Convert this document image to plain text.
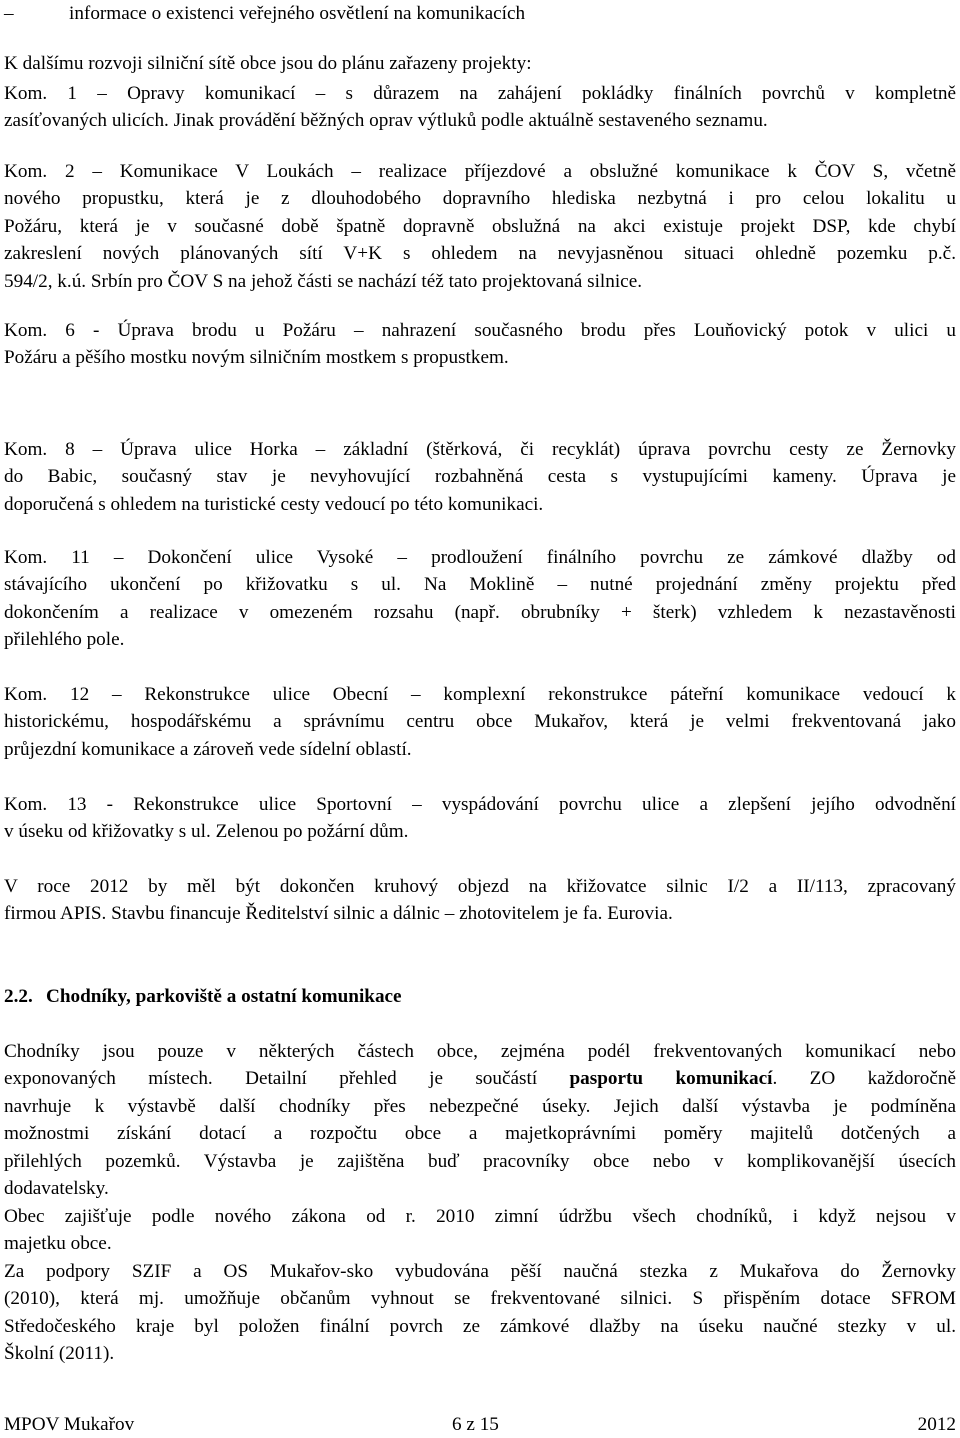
–	informace o existenci veřejného osvětlení na komunikacích
K dalšímu rozvoji silniční sítě obce jsou do plánu zařazeny projekty:
Kom. 1 – Opravy komunikací – s důrazem na zahájení pokládky finálních povrchů v kompletně
zasíťovaných ulicích. Jinak provádění běžných oprav výtluků podle aktuálně sestaveného seznamu.
Kom. 2 – Komunikace V Loukách – realizace příjezdové a obslužné komunikace k ČOV S, včetně
nového propustku, která je z dlouhodobého dopravního hlediska nezbytná i pro celou lokalitu u
Požáru, která je v současné době špatně dopravně obslužná na akci existuje projekt DSP, kde chybí
zakreslení nových plánovaných sítí V+K s ohledem na nevyjasněnou situaci ohledně pozemku p.č.
594/2, k.ú. Srbín pro ČOV S na jehož části se nachází též tato projektovaná silnice.
Kom. 6 - Úprava brodu u Požáru – nahrazení současného brodu přes Louňovický potok v ulici u
Požáru a pěšího mostku novým silničním mostkem s propustkem.
Kom. 8 – Úprava ulice Horka – základní (štěrková, či recyklát) úprava povrchu cesty ze Žernovky
do Babic, současný stav je nevyhovující rozbahněná cesta s vystupujícími kameny. Úprava je
doporučená s ohledem na turistické cesty vedoucí po této komunikaci.
Kom. 11 – Dokončení ulice Vysoké – prodloužení finálního povrchu ze zámkové dlažby od
stávajícího ukončení po křižovatku s ul. Na Moklině – nutné projednání změny projektu před
dokončením a realizace v omezeném rozsahu (např. obrubníky + šterk) vzhledem k nezastavěnosti
přilehlého pole.
Kom. 12 – Rekonstrukce ulice Obecní – komplexní rekonstrukce páteřní komunikace vedoucí k
historickému, hospodářskému a správnímu centru obce Mukařov, která je velmi frekventovaná jako
průjezdní komunikace a zároveň vede sídelní oblastí.
Kom. 13 - Rekonstrukce ulice Sportovní – vyspádování povrchu ulice a zlepšení jejího odvodnění
v úseku od křižovatky s ul. Zelenou po požární dům.
V roce 2012 by měl být dokončen kruhový objezd na křižovatce silnic I/2 a II/113, zpracovaný
firmou APIS. Stavbu financuje Ředitelství silnic a dálnic – zhotovitelem je fa. Eurovia.
2.2. Chodníky, parkoviště a ostatní komunikace
Chodníky jsou pouze v některých částech obce, zejména podél frekventovaných komunikací nebo
exponovaných místech. Detailní přehled je součástí pasportu komunikací. ZO každoročně
navrhuje k výstavbě další chodníky přes nebezpečné úseky. Jejich další výstavba je podmíněna
možnostmi získání dotací a rozpočtu obce a majetkoprávními poměry majitelů dotčených a
přilehlých pozemků. Výstavba je zajištěna buď pracovníky obce nebo v komplikovanější úsecích
dodavatelsky.
Obec zajišťuje podle nového zákona od r. 2010 zimní údržbu všech chodníků, i když nejsou v
majetku obce.
Za podpory SZIF a OS Mukařov-sko vybudována pěší naučná stezka z Mukařova do Žernovky
(2010), která mj. umožňuje občanům vyhnout se frekventované silnici. S přispěním dotace SFROM
Středočeského kraje byl položen finální povrch ze zámkové dlažby na úseku naučné stezky v ul.
Školní (2011).
MPOV Mukařov	6 z 15	2012
